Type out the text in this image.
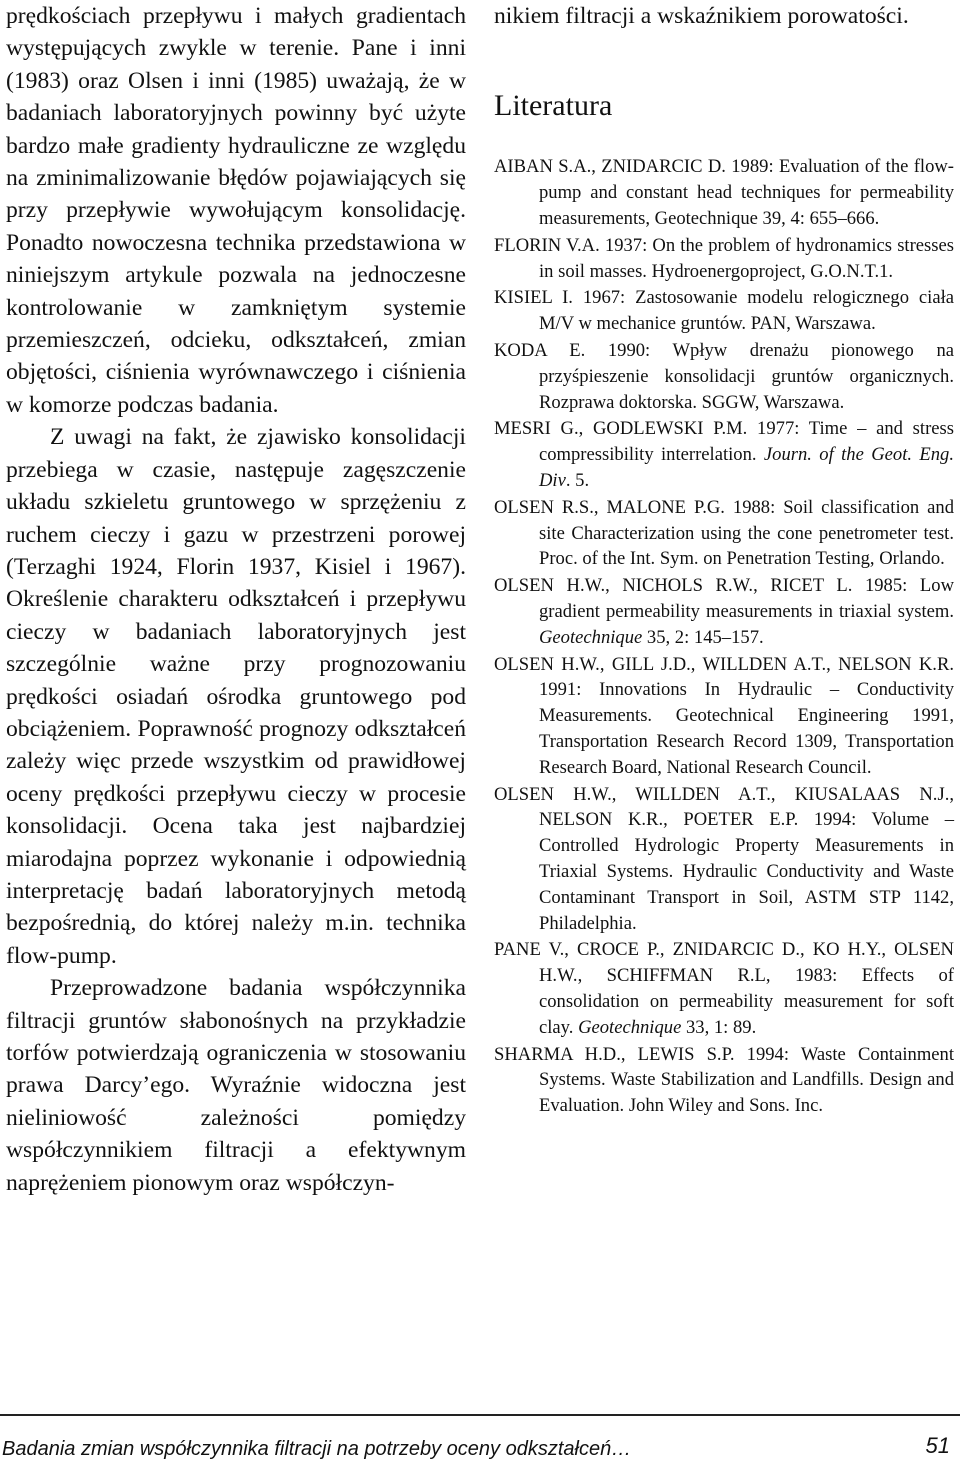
prędkościach przepływu i małych gradientach występujących zwykle w terenie. Pane i inni (1983) oraz Olsen i inni (1985) uważają, że w badaniach laboratoryjnych powinny być użyte bardzo małe gradienty hydrauliczne ze względu na zminimalizowanie błędów pojawiających się przy przepływie wywołującym konsolidację. Ponadto nowoczesna technika przedstawiona w niniejszym artykule pozwala na jednoczesne kontrolowanie w zamkniętym systemie przemieszczeń, odcieku, odkształceń, zmian objętości, ciśnienia wyrównawczego i ciśnienia w komorze podczas badania.

Z uwagi na fakt, że zjawisko konsolidacji przebiega w czasie, następuje zagęszczenie układu szkieletu gruntowego w sprzężeniu z ruchem cieczy i gazu w przestrzeni porowej (Terzaghi 1924, Florin 1937, Kisiel i 1967). Określenie charakteru odkształceń i przepływu cieczy w badaniach laboratoryjnych jest szczególnie ważne przy prognozowaniu prędkości osiadań ośrodka gruntowego pod obciążeniem. Poprawność prognozy odkształceń zależy więc przede wszystkim od prawidłowej oceny prędkości przepływu cieczy w procesie konsolidacji. Ocena taka jest najbardziej miarodajna poprzez wykonanie i odpowiednią interpretację badań laboratoryjnych metodą bezpośrednią, do której należy m.in. technika flow-pump.

Przeprowadzone badania współczynnika filtracji gruntów słabonośnych na przykładzie torfów potwierdzają ograniczenia w stosowaniu prawa Darcy’ego. Wyraźnie widoczna jest nieliniowość zależności pomiędzy współczynnikiem filtracji a efektywnym naprężeniem pionowym oraz współczyn-

nikiem filtracji a wskaźnikiem porowatości.

Literatura
AIBAN S.A., ZNIDARCIC D. 1989: Evaluation of the flow-pump and constant head techniques for permeability measurements, Geotechnique 39, 4: 655–666.
FLORIN V.A. 1937: On the problem of hydronamics stresses in soil masses. Hydroenergoproject, G.O.N.T.1.
KISIEL I. 1967: Zastosowanie modelu relogicznego ciała M/V w mechanice gruntów. PAN, Warszawa.
KODA E. 1990: Wpływ drenażu pionowego na przyśpieszenie konsolidacji gruntów organicznych. Rozprawa doktorska. SGGW, Warszawa.
MESRI G., GODLEWSKI P.M. 1977: Time – and stress compressibility interrelation. Journ. of the Geot. Eng. Div. 5.
OLSEN R.S., MALONE P.G. 1988: Soil classification and site Characterization using the cone penetrometer test. Proc. of the Int. Sym. on Penetration Testing, Orlando.
OLSEN H.W., NICHOLS R.W., RICET L. 1985: Low gradient permeability measurements in triaxial system. Geotechnique 35, 2: 145–157.
OLSEN H.W., GILL J.D., WILLDEN A.T., NELSON K.R. 1991: Innovations In Hydraulic – Conductivity Measurements. Geotechnical Engineering 1991, Transportation Research Record 1309, Transportation Research Board, National Research Council.
OLSEN H.W., WILLDEN A.T., KIUSALAAS N.J., NELSON K.R., POETER E.P. 1994: Volume – Controlled Hydrologic Property Measurements in Triaxial Systems. Hydraulic Conductivity and Waste Contaminant Transport in Soil, ASTM STP 1142, Philadelphia.
PANE V., CROCE P., ZNIDARCIC D., KO H.Y., OLSEN H.W., SCHIFFMAN R.L, 1983: Effects of consolidation on permeability measurement for soft clay. Geotechnique 33, 1: 89.
SHARMA H.D., LEWIS S.P. 1994: Waste Containment Systems. Waste Stabilization and Landfills. Design and Evaluation. John Wiley and Sons. Inc.
Badania zmian współczynnika filtracji na potrzeby oceny odkształceń…	51
